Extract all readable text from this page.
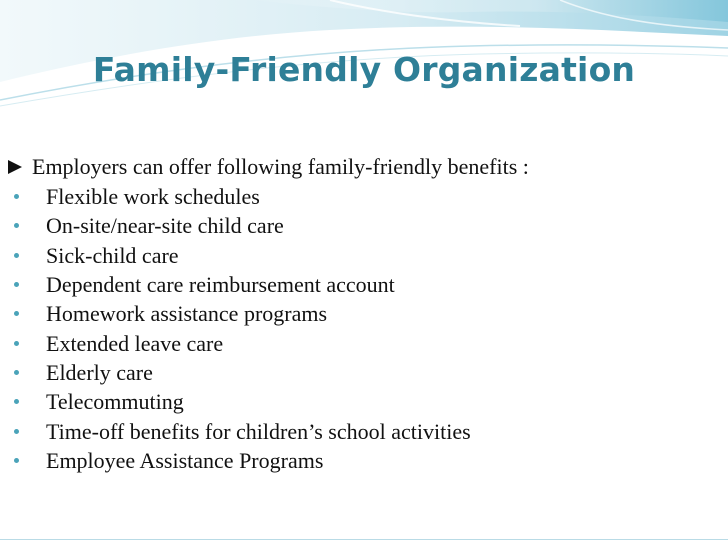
Family-Friendly Organization
Employers can offer following family-friendly benefits :
Flexible work schedules
On-site/near-site child care
Sick-child care
Dependent care reimbursement account
Homework assistance programs
Extended leave care
Elderly care
Telecommuting
Time-off benefits for children’s school activities
Employee Assistance Programs
